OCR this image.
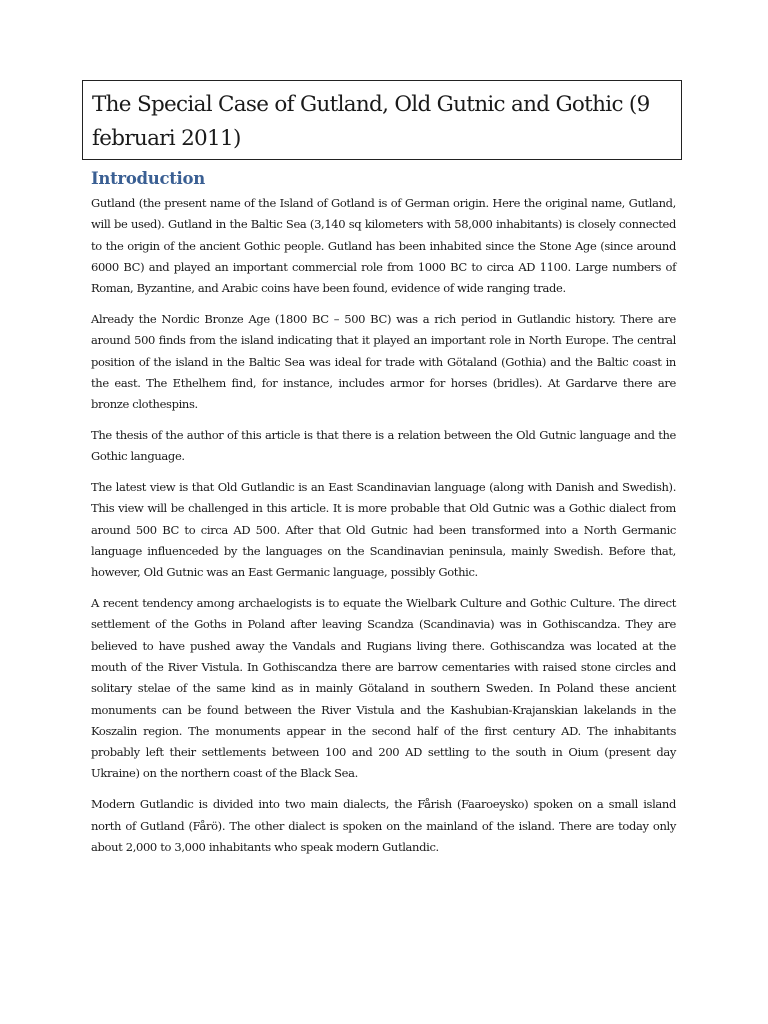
The Special Case of Gutland, Old Gutnic and Gothic (9 februari 2011)
Introduction

Gutland (the present name of the Island of Gotland is of German origin. Here the original name, Gutland, will be used). Gutland in the Baltic Sea (3,140 sq kilometers with 58,000 inhabitants) is closely connected to the origin of the ancient Gothic people. Gutland has been inhabited since the Stone Age (since around 6000 BC) and played an important commercial role from 1000 BC to circa AD 1100. Large numbers of Roman, Byzantine, and Arabic coins have been found, evidence of wide ranging trade.

Already the Nordic Bronze Age (1800 BC – 500 BC) was a rich period in Gutlandic history. There are around 500 finds from the island indicating that it played an important role in North Europe. The central position of the island in the Baltic Sea was ideal for trade with Götaland (Gothia) and the Baltic coast in the east. The Ethelhem find, for instance, includes armor for horses (bridles). At Gardarve there are bronze clothespins.

The thesis of the author of this article is that there is a relation between the Old Gutnic language and the Gothic language.

The latest view is that Old Gutlandic is an East Scandinavian language (along with Danish and Swedish). This view will be challenged in this article. It is more probable that Old Gutnic was a Gothic dialect from around 500 BC to circa AD 500. After that Old Gutnic had been transformed into a North Germanic language influenceded by the languages on the Scandinavian peninsula, mainly Swedish. Before that, however, Old Gutnic was an East Germanic language, possibly Gothic.

A recent tendency among archaelogists is to equate the Wielbark Culture and Gothic Culture. The direct settlement of the Goths in Poland after leaving Scandza (Scandinavia) was in Gothiscandza. They are believed to have pushed away the Vandals and Rugians living there. Gothiscandza was located at the mouth of the River Vistula. In Gothiscandza there are barrow cementaries with raised stone circles and solitary stelae of the same kind as in mainly Götaland in southern Sweden. In Poland these ancient monuments can be found between the River Vistula and the Kashubian-Krajanskian lakelands in the Koszalin region. The monuments appear in the second half of the first century AD. The inhabitants probably left their settlements between 100 and 200 AD settling to the south in Oium (present day Ukraine) on the northern coast of the Black Sea.

Modern Gutlandic is divided into two main dialects, the Fårish (Faaroeysko) spoken on a small island north of Gutland (Fårö). The other dialect is spoken on the mainland of the island. There are today only about 2,000 to 3,000 inhabitants who speak modern Gutlandic.
